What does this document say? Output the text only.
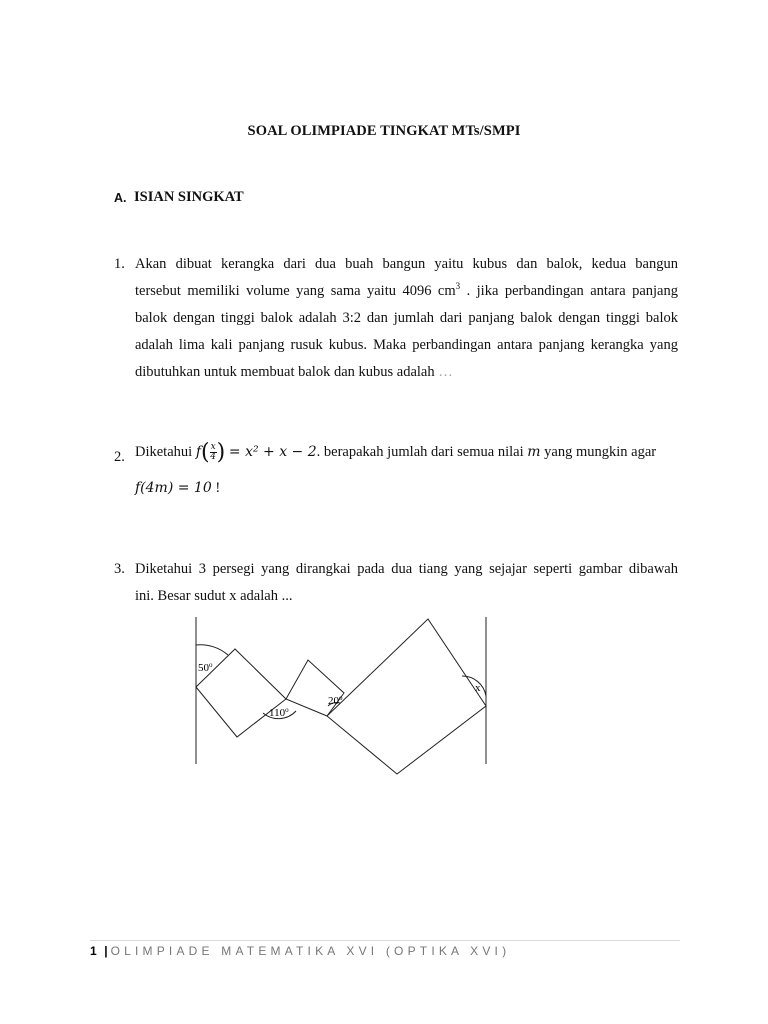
SOAL OLIMPIADE TINGKAT MTs/SMPI
A. ISIAN SINGKAT
1. Akan dibuat kerangka dari dua buah bangun yaitu kubus dan balok, kedua bangun
tersebut memiliki volume yang sama yaitu 4096 $cm^3$ . jika perbandingan antara panjang
balok dengan tinggi balok adalah 3:2 dan jumlah dari panjang balok dengan tinggi balok
adalah lima kali panjang rusuk kubus. Maka perbandingan antara panjang kerangka yang
dibutuhkan untuk membuat balok dan kubus adalah …
2. Diketahui $f( \frac{x}{4}$ ) = x² + x − 2. berapakah jumlah dari semua nilai m yang mungkin agar
f(4m) = 10 !
3. Diketahui 3 persegi yang dirangkai pada dua tiang yang sejajar seperti gambar dibawah
ini. Besar sudut x adalah ...
50$^o$
110$^o$
20$^o$
x
1 |OLIMPIADE MATEMATIKA XVI (OPTIKA XVI)
